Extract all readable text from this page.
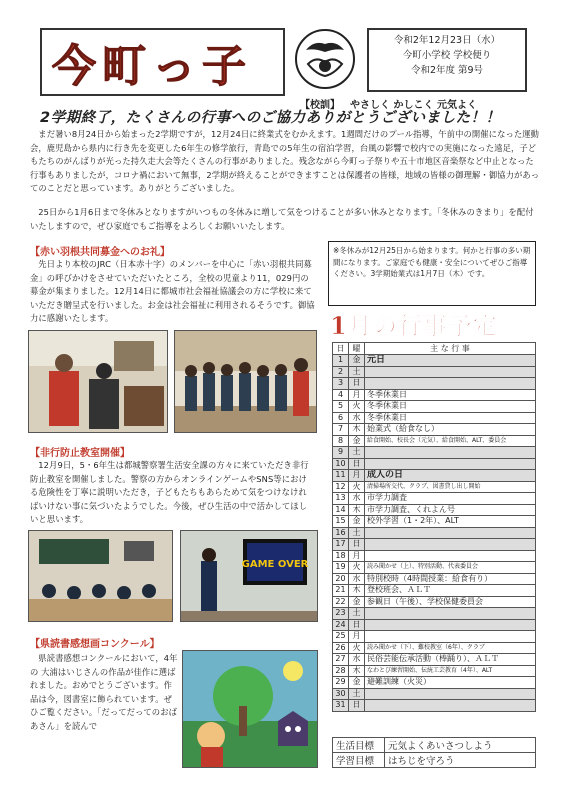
今町っ子
令和2年12月23日（水）
今町小学校 学校便り
令和2年度 第9号
【校訓】 やさしく かしこく 元気よく
2学期終了，たくさんの行事へのご協力ありがとうございました！！
まだ暑い8月24日から始まった2学期ですが，12月24日に終業式をむかえます。1週間だけのプール指導，午前中の開催になった運動会，鹿児島から県内に行き先を変更した6年生の修学旅行，青島での5年生の宿泊学習，台風の影響で校内での実施になった遠足，子どもたちのがんばりが光った持久走大会等たくさんの行事がありました。残念ながら今町っ子祭りや五十市地区音楽祭など中止となった行事もありましたが，コロナ禍において無事，2学期が終えることができますことは保護者の皆様，地域の皆様の御理解・御協力があってのことだと思っています。ありがとうございました。
25日から1月6日まで冬休みとなりますがいつもの冬休みに増して気をつけることが多い休みとなります。「冬休みのきまり」を配付いたしますので，ぜひ家庭でもご指導をよろしくお願いいたします。
【赤い羽根共同募金へのお礼】
先日より本校のJRC（日本赤十字）のメンバーを中心に「赤い羽根共同募金」の呼びかけをさせていただいたところ，全校の児童より11，029円の募金が集まりました。12月14日に都城市社会福祉協議会の方に学校に来ていただき贈呈式を行いました。お金は社会福祉に利用されるそうです。御協力に感謝いたします。
【非行防止教室開催】
12月9日，5・6年生は都城警察署生活安全課の方々に来ていただき非行防止教室を開催しました。警察の方からオンラインゲームやSNS等における危険性を丁寧に説明いただき，子どもたちもあらためて気をつけなければいけない事に気づいたようでした。今後，ぜひ生活の中で活かしてほしいと思います。
GAME OVER
【県読書感想画コンクール】
県読書感想コンクールにおいて，4年の 大浦はいじさんの作品が佳作に選ばれました。おめでとうございます。作品は今，図書室に飾られています。ぜひご覧ください。「だってだってのおばあさん」を読んで
※冬休みが12月25日から始まります。何かと行事の多い期間になります。ご家庭でも健康・安全についてぜひご指導ください。3学期始業式は1月7日（木）です。
1月の行事予定
日	曜	主 な 行 事
1	金	元日
2	土	
3	日	
4	月	冬季休業日
5	火	冬季休業日
6	水	冬季休業日
7	木	始業式（給食なし）
8	金	給食開始、校長会（元気）、給食開始、ALT、委員会
9	土	
10	日	
11	月	成人の日
12	火	清掃場所交代、クラブ、図書貸し出し開始
13	水	市学力調査
14	木	市学力調査、くれよん号
15	金	校外学習（1・2年）、ALT
16	土	
17	日	
18	月	
19	火	読み聞かせ（上）、特別活動、代表委員会
20	水	特別校時（4時間授業：給食有り）
21	木	登校班会、ＡＬＴ
22	金	参観日（午後）、学校保健委員会
23	土	
24	日	
25	月	
26	火	読み聞かせ（下）、難校教室（6年）、クラブ
27	水	民俗芸能伝承活動（棒踊り）、ＡＬＴ
28	木	なわとび練習開始、伝統工芸教育（4年）、ALT
29	金	避難訓練（火災）
30	土	
31	日	
生活目標	元気よくあいさつしよう
学習目標	はちじを守ろう
